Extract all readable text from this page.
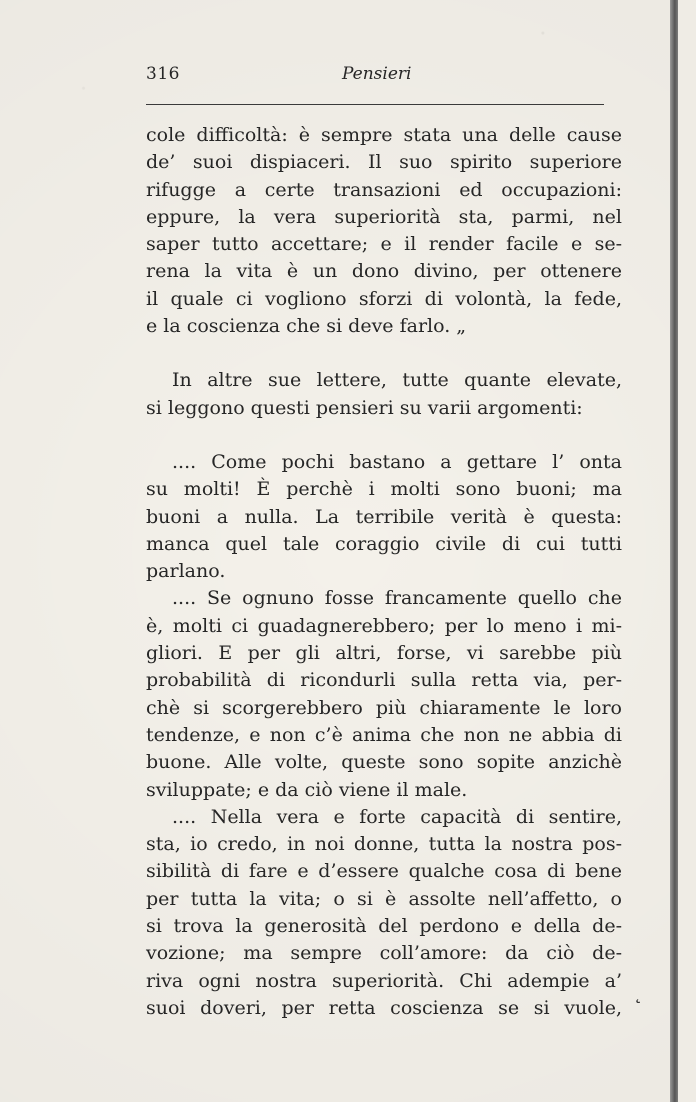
316	Pensieri
cole difficoltà: è sempre stata una delle cause
de’ suoi dispiaceri. Il suo spirito superiore
rifugge a certe transazioni ed occupazioni:
eppure, la vera superiorità sta, parmi, nel
saper tutto accettare; e il render facile e se-
rena la vita è un dono divino, per ottenere
il quale ci vogliono sforzi di volontà, la fede,
e la coscienza che si deve farlo. „
In altre sue lettere, tutte quante elevate,
si leggono questi pensieri su varii argomenti:
.... Come pochi bastano a gettare l’ onta
su molti! È perchè i molti sono buoni; ma
buoni a nulla. La terribile verità è questa:
manca quel tale coraggio civile di cui tutti
parlano.
.... Se ognuno fosse francamente quello che
è, molti ci guadagnerebbero; per lo meno i mi-
gliori. E per gli altri, forse, vi sarebbe più
probabilità di ricondurli sulla retta via, per-
chè si scorgerebbero più chiaramente le loro
tendenze, e non c’è anima che non ne abbia di
buone. Alle volte, queste sono sopite anzichè
sviluppate; e da ciò viene il male.
.... Nella vera e forte capacità di sentire,
sta, io credo, in noi donne, tutta la nostra pos-
sibilità di fare e d’essere qualche cosa di bene
per tutta la vita; o si è assolte nell’affetto, o
si trova la generosità del perdono e della de-
vozione; ma sempre coll’amore: da ciò de-
riva ogni nostra superiorità. Chi adempie a’
suoi doveri, per retta coscienza se si vuole,
˛
